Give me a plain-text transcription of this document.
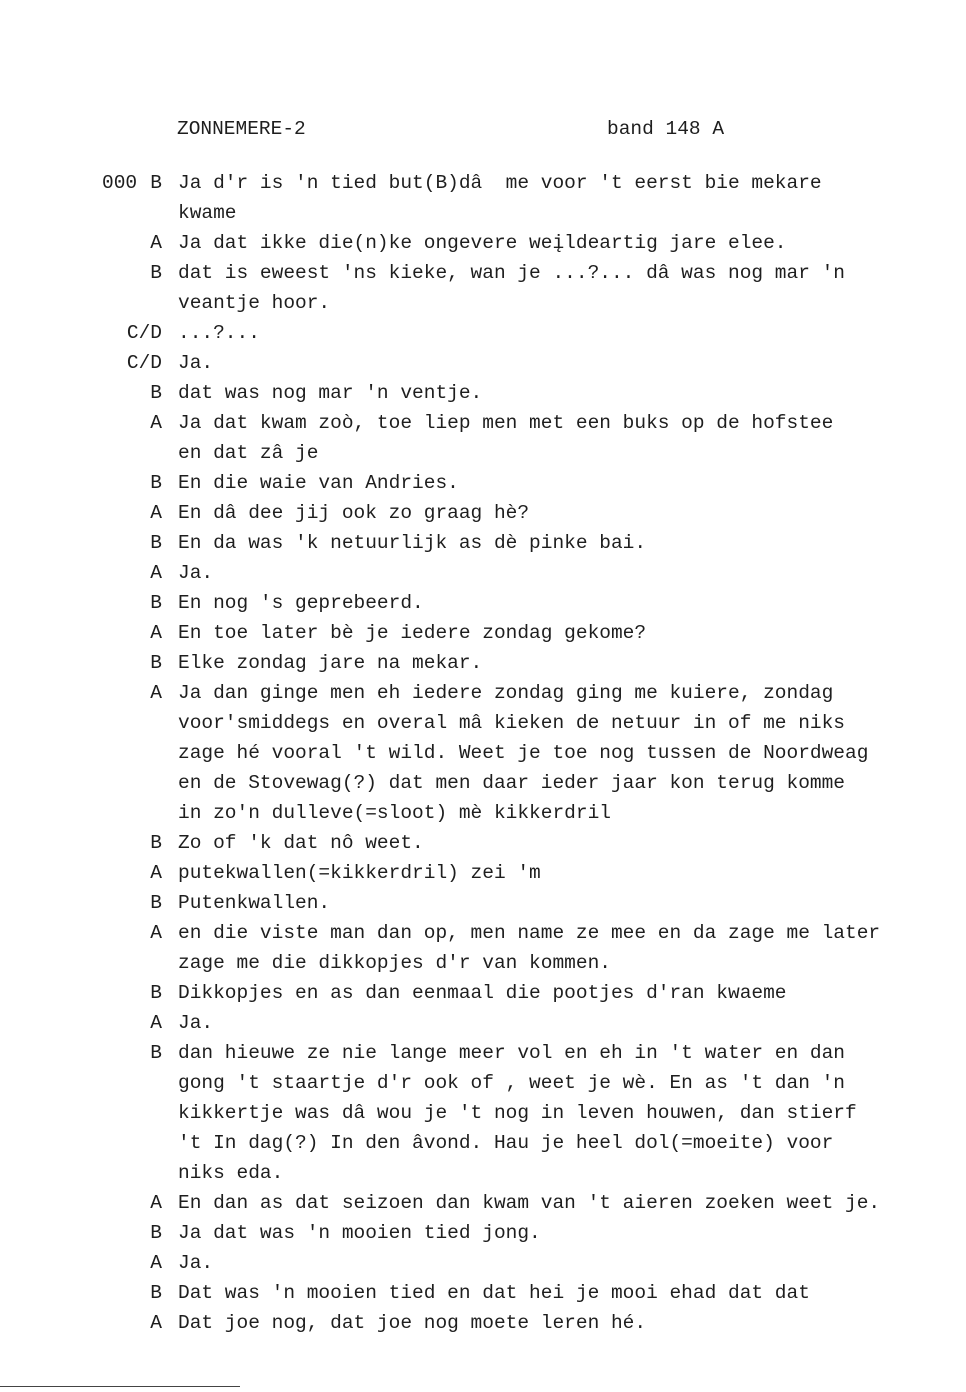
ZONNEMERE-2	band 148 A
000 B Ja d'r is 'n tied but(B)dâ  me voor 't eerst bie mekare
kwame
A Ja dat ikke die(n)ke ongevere weįldeartig jare elee.
B dat is eweest 'ns kieke, wan je ...?... dâ was nog mar 'n
veantje hoor.
C/D ...?...
C/D Ja.
B dat was nog mar 'n ventje.
A Ja dat kwam zoò, toe liep men met een buks op de hofstee
en dat zâ je
B En die waie van Andries.
A En dâ dee jij ook zo graag hè?
B En da was 'k netuurlijk as dè pinke bai.
A Ja.
B En nog 's geprebeerd.
A En toe later bè je iedere zondag gekome?
B Elke zondag jare na mekar.
A Ja dan ginge men eh iedere zondag ging me kuiere, zondag
voor'smiddegs en overal mâ kieken de netuur in of me niks
zage hé vooral 't wild. Weet je toe nog tussen de Noordweag
en de Stovewag(?) dat men daar ieder jaar kon terug komme
in zo'n dulleve(=sloot) mè kikkerdril
B Zo of 'k dat nô weet.
A putekwallen(=kikkerdril) zei 'm
B Putenkwallen.
A en die viste man dan op, men name ze mee en da zage me later
zage me die dikkopjes d'r van kommen.
B Dikkopjes en as dan eenmaal die pootjes d'ran kwaeme
A Ja.
B dan hieuwe ze nie lange meer vol en eh in 't water en dan
gong 't staartje d'r ook of , weet je wè. En as 't dan 'n
kikkertje was dâ wou je 't nog in leven houwen, dan stierf
't In dag(?) In den âvond. Hau je heel dol(=moeite) voor
niks eda.
A En dan as dat seizoen dan kwam van 't aieren zoeken weet je.
B Ja dat was 'n mooien tied jong.
A Ja.
B Dat was 'n mooien tied en dat hei je mooi ehad dat dat
A Dat joe nog, dat joe nog moete leren hé.
